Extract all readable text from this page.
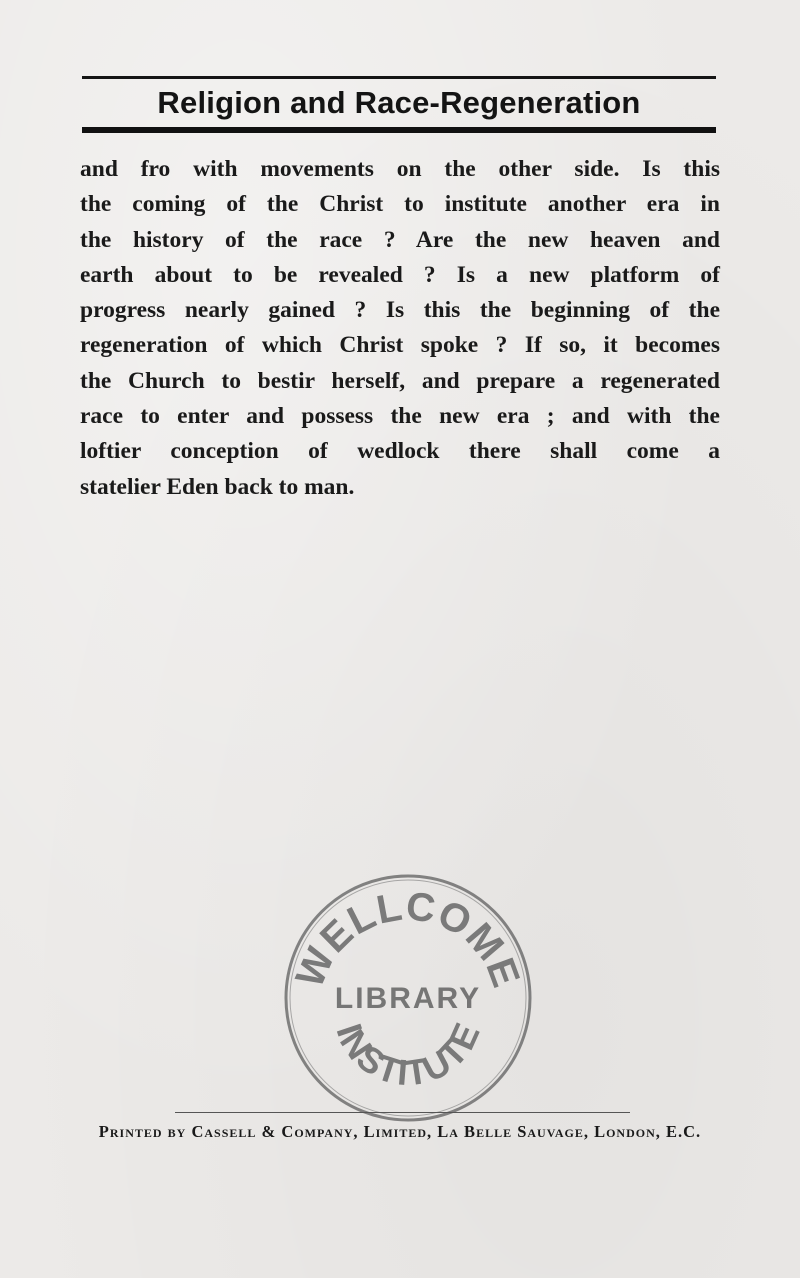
Religion and Race-Regeneration
and fro with movements on the other side. Is this
the coming of the Christ to institute another era in
the history of the race ? Are the new heaven and
earth about to be revealed ? Is a new platform of
progress nearly gained ? Is this the beginning of the
regeneration of which Christ spoke ? If so, it becomes
the Church to bestir herself, and prepare a regenerated
race to enter and possess the new era ; and with the
loftier conception of wedlock there shall come a
statelier Eden back to man.
WELLCOME
LIBRARY
INSTITUTE
Printed by Cassell & Company, Limited, La Belle Sauvage, London, E.C.
